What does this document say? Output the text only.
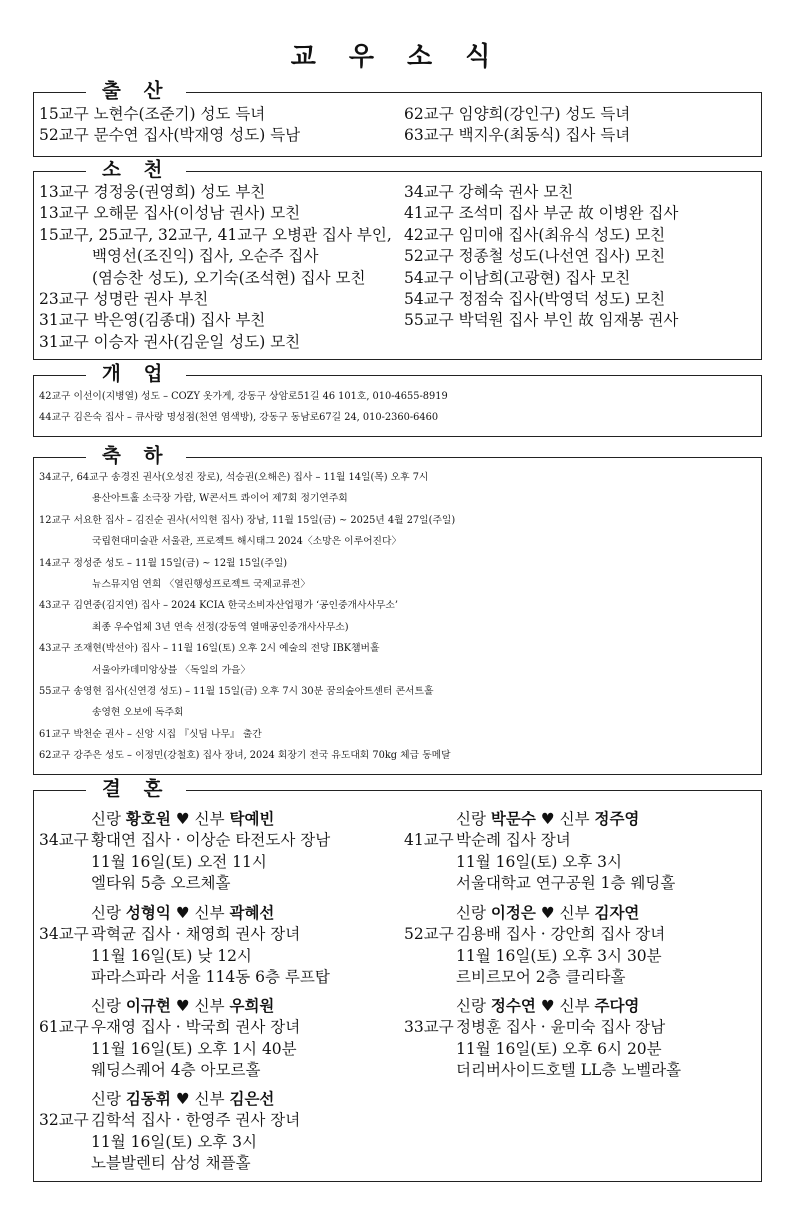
교 우 소 식
출 산
15교구 노현수(조준기) 성도 득녀
52교구 문수연 집사(박재영 성도) 득남
62교구 임양희(강인구) 성도 득녀
63교구 백지우(최동식) 집사 득녀
소 천
13교구 경정웅(권영희) 성도 부친
13교구 오해문 집사(이성남 권사) 모친
15교구, 25교구, 32교구, 41교구 오병관 집사 부인,
백영선(조진익) 집사, 오순주 집사
(염승찬 성도), 오기숙(조석현) 집사 모친
23교구 성명란 권사 부친
31교구 박은영(김종대) 집사 부친
31교구 이승자 권사(김운일 성도) 모친
34교구 강혜숙 권사 모친
41교구 조석미 집사 부군 故 이병완 집사
42교구 임미애 집사(최유식 성도) 모친
52교구 정종철 성도(나선연 집사) 모친
54교구 이남희(고광현) 집사 모친
54교구 정점숙 집사(박영덕 성도) 모친
55교구 박덕원 집사 부인 故 임재봉 권사
개 업
42교구 이선이(지병열) 성도 – COZY 옷가게, 강동구 상암로51길 46 101호, 010-4655-8919
44교구 김은숙 집사 – 큐사랑 명성점(천연 염색방), 강동구 동남로67길 24, 010-2360-6460
축 하
34교구, 64교구 송경진 권사(오성진 장로), 석승권(오해은) 집사 – 11월 14일(목) 오후 7시
용산아트홀 소극장 가람, W콘서트 콰이어 제7회 정기연주회
12교구 서요한 집사 – 김진순 권사(서익현 집사) 장남, 11월 15일(금) ~ 2025년 4월 27일(주일)
국립현대미술관 서울관, 프로젝트 해시태그 2024〈소망은 이루어진다〉
14교구 정성준 성도 – 11월 15일(금) ~ 12월 15일(주일)
뉴스뮤지엄 연희 〈열린행성프로젝트 국제교류전〉
43교구 김연중(김지연) 집사 – 2024 KCIA 한국소비자산업평가 ‘공인중개사사무소’
최종 우수업체 3년 연속 선정(강동역 열매공인중개사사무소)
43교구 조재현(박선아) 집사 – 11월 16일(토) 오후 2시 예술의 전당 IBK챔버홀
서울아카데미앙상블 〈독일의 가을〉
55교구 송영현 집사(신연경 성도) – 11월 15일(금) 오후 7시 30분 꿈의숲아트센터 콘서트홀
송영현 오보에 독주회
61교구 박천순 권사 – 신앙 시집 『싯딤 나무』 출간
62교구 강주은 성도 – 이정민(강철호) 집사 장녀, 2024 회장기 전국 유도대회 70kg 체급 동메달
결 혼
신랑 황호원 ♥ 신부 탁예빈
34교구 황대연 집사 · 이상순 타전도사 장남
11월 16일(토) 오전 11시
엘타워 5층 오르체홀
신랑 박문수 ♥ 신부 정주영
41교구 박순례 집사 장녀
11월 16일(토) 오후 3시
서울대학교 연구공원 1층 웨딩홀
신랑 성형익 ♥ 신부 곽혜선
34교구 곽혁균 집사 · 채영희 권사 장녀
11월 16일(토) 낮 12시
파라스파라 서울 114동 6층 루프탑
신랑 이정은 ♥ 신부 김자연
52교구 김용배 집사 · 강안희 집사 장녀
11월 16일(토) 오후 3시 30분
르비르모어 2층 클리타홀
신랑 이규현 ♥ 신부 우희원
61교구 우재영 집사 · 박국희 권사 장녀
11월 16일(토) 오후 1시 40분
웨딩스퀘어 4층 아모르홀
신랑 정수연 ♥ 신부 주다영
33교구 정병훈 집사 · 윤미숙 집사 장남
11월 16일(토) 오후 6시 20분
더리버사이드호텔 LL층 노벨라홀
신랑 김동휘 ♥ 신부 김은선
32교구 김학석 집사 · 한영주 권사 장녀
11월 16일(토) 오후 3시
노블발렌티 삼성 채플홀
